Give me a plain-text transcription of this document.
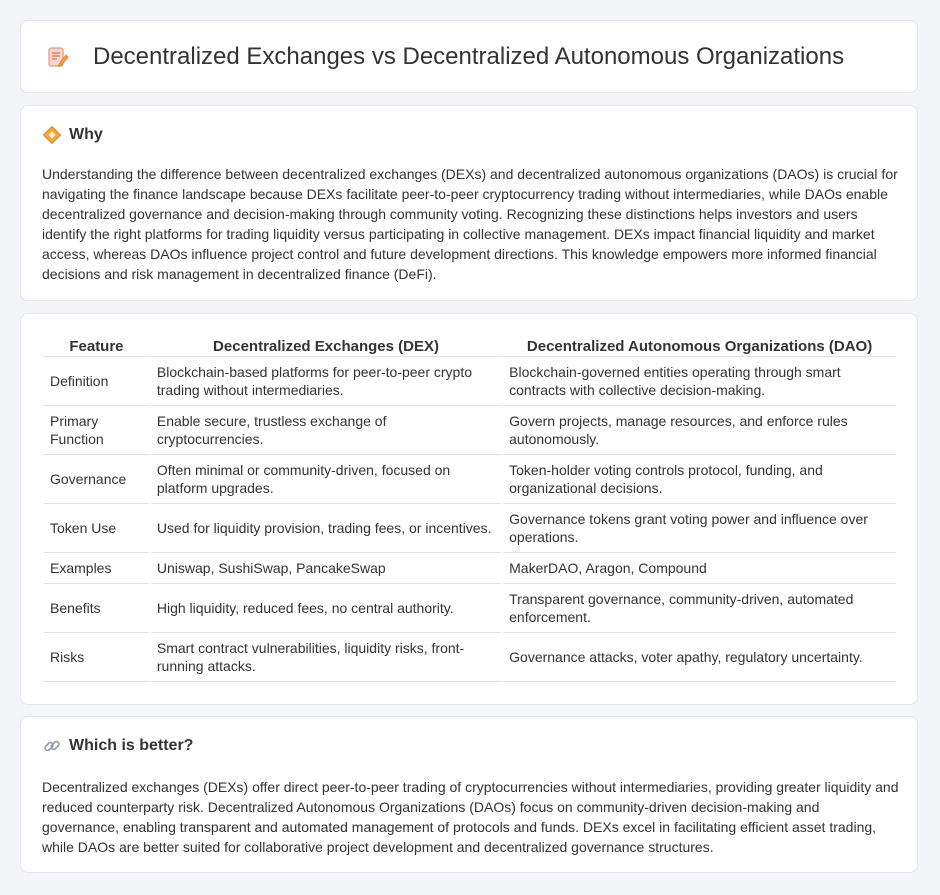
Decentralized Exchanges vs Decentralized Autonomous Organizations
Why

Understanding the difference between decentralized exchanges (DEXs) and decentralized autonomous organizations (DAOs) is crucial for navigating the finance landscape because DEXs facilitate peer-to-peer cryptocurrency trading without intermediaries, while DAOs enable decentralized governance and decision-making through community voting. Recognizing these distinctions helps investors and users identify the right platforms for trading liquidity versus participating in collective management. DEXs impact financial liquidity and market access, whereas DAOs influence project control and future development directions. This knowledge empowers more informed financial decisions and risk management in decentralized finance (DeFi).

Feature	Decentralized Exchanges (DEX)	Decentralized Autonomous Organizations (DAO)
Definition	Blockchain-based platforms for peer-to-peer crypto trading without intermediaries.	Blockchain-governed entities operating through smart contracts with collective decision-making.
Primary Function	Enable secure, trustless exchange of cryptocurrencies.	Govern projects, manage resources, and enforce rules autonomously.
Governance	Often minimal or community-driven, focused on platform upgrades.	Token-holder voting controls protocol, funding, and organizational decisions.
Token Use	Used for liquidity provision, trading fees, or incentives.	Governance tokens grant voting power and influence over operations.
Examples	Uniswap, SushiSwap, PancakeSwap	MakerDAO, Aragon, Compound
Benefits	High liquidity, reduced fees, no central authority.	Transparent governance, community-driven, automated enforcement.
Risks	Smart contract vulnerabilities, liquidity risks, front-running attacks.	Governance attacks, voter apathy, regulatory uncertainty.
Which is better?

Decentralized exchanges (DEXs) offer direct peer-to-peer trading of cryptocurrencies without intermediaries, providing greater liquidity and reduced counterparty risk. Decentralized Autonomous Organizations (DAOs) focus on community-driven decision-making and governance, enabling transparent and automated management of protocols and funds. DEXs excel in facilitating efficient asset trading, while DAOs are better suited for collaborative project development and decentralized governance structures.
